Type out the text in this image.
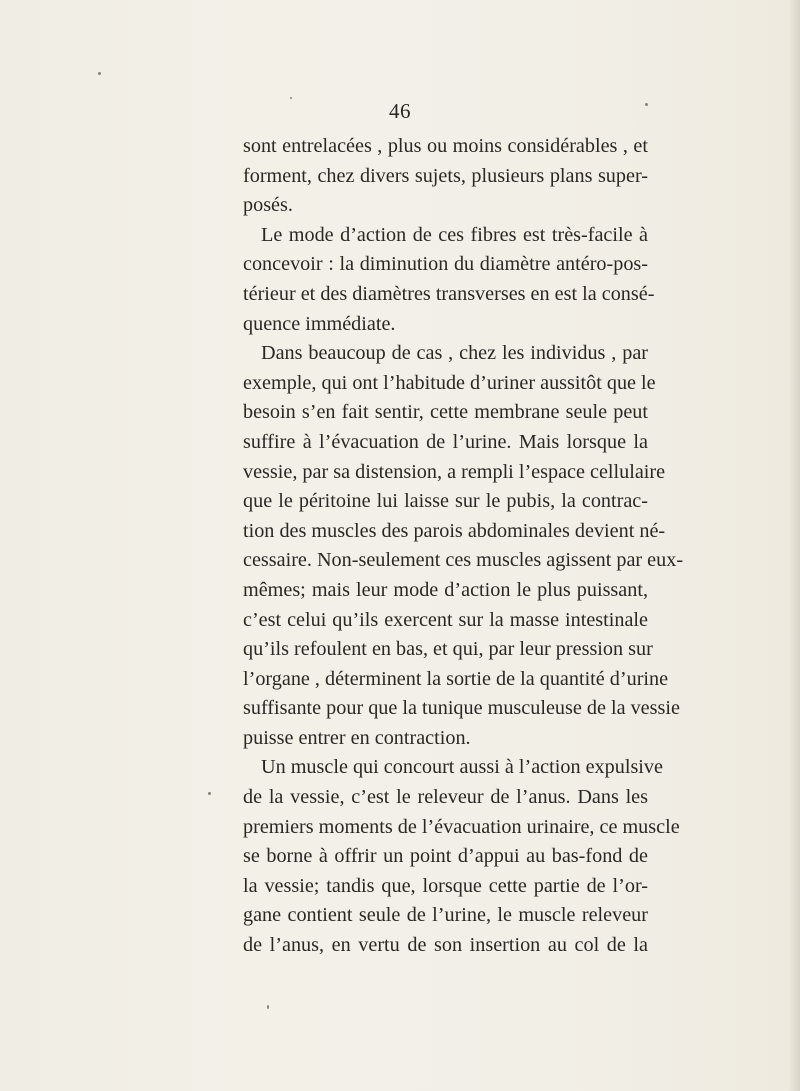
46
sont entrelacées , plus ou moins considérables , et
forment, chez divers sujets, plusieurs plans super-
posés.
Le mode d’action de ces fibres est très-facile à
concevoir : la diminution du diamètre antéro-pos-
térieur et des diamètres transverses en est la consé-
quence immédiate.
Dans beaucoup de cas , chez les individus , par
exemple, qui ont l’habitude d’uriner aussitôt que le
besoin s’en fait sentir, cette membrane seule peut
suffire à l’évacuation de l’urine. Mais lorsque la
vessie, par sa distension, a rempli l’espace cellulaire
que le péritoine lui laisse sur le pubis, la contrac-
tion des muscles des parois abdominales devient né-
cessaire. Non-seulement ces muscles agissent par eux-
mêmes; mais leur mode d’action le plus puissant,
c’est celui qu’ils exercent sur la masse intestinale
qu’ils refoulent en bas, et qui, par leur pression sur
l’organe , déterminent la sortie de la quantité d’urine
suffisante pour que la tunique musculeuse de la vessie
puisse entrer en contraction.
Un muscle qui concourt aussi à l’action expulsive
de la vessie, c’est le releveur de l’anus. Dans les
premiers moments de l’évacuation urinaire, ce muscle
se borne à offrir un point d’appui au bas-fond de
la vessie; tandis que, lorsque cette partie de l’or-
gane contient seule de l’urine, le muscle releveur
de l’anus, en vertu de son insertion au col de la
